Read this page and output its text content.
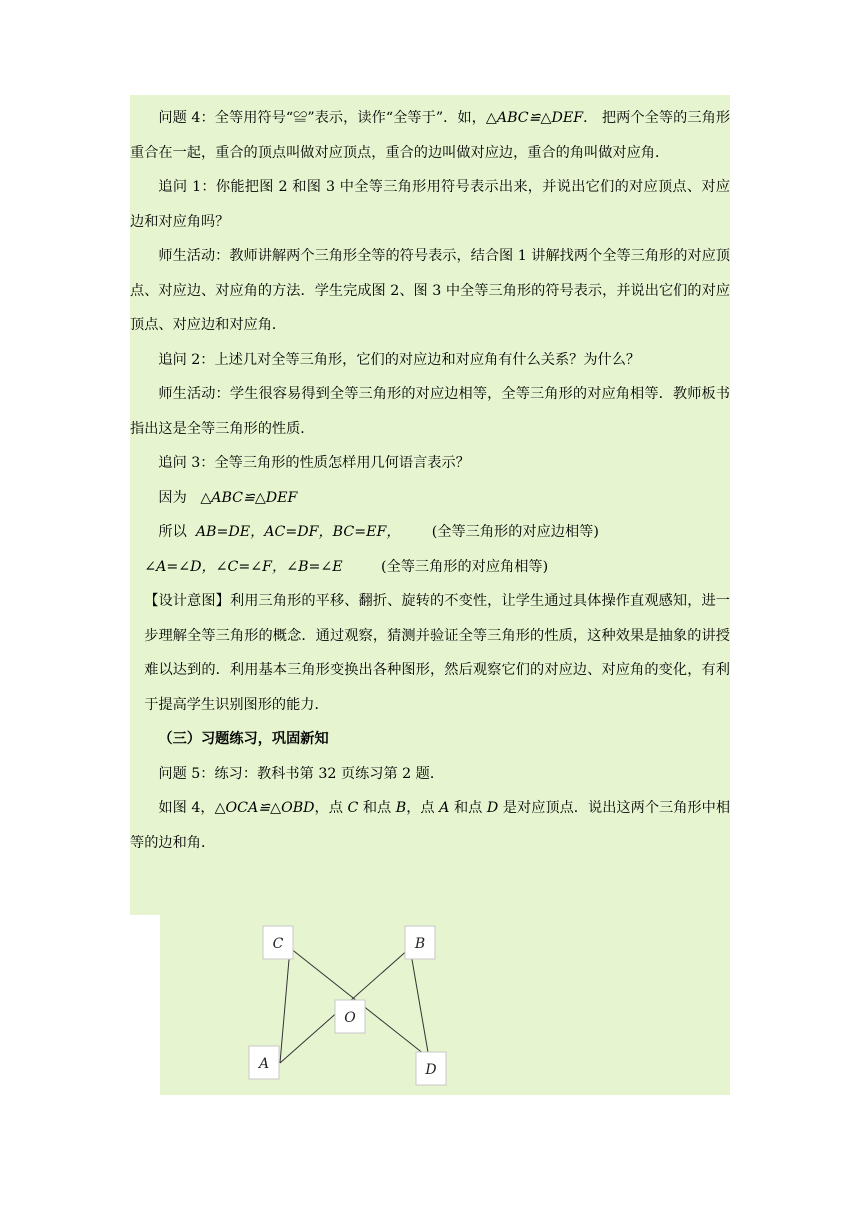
问题 4：全等用符号“≌”表示，读作“全等于”．如，△ABC≌△DEF． 把两个全等的三角形重合在一起，重合的顶点叫做对应顶点，重合的边叫做对应边，重合的角叫做对应角．

追问 1：你能把图 2 和图 3 中全等三角形用符号表示出来，并说出它们的对应顶点、对应边和对应角吗？

师生活动：教师讲解两个三角形全等的符号表示，结合图 1 讲解找两个全等三角形的对应顶点、对应边、对应角的方法．学生完成图 2、图 3 中全等三角形的符号表示，并说出它们的对应顶点、对应边和对应角．

追问 2：上述几对全等三角形，它们的对应边和对应角有什么关系？为什么？

师生活动：学生很容易得到全等三角形的对应边相等，全等三角形的对应角相等．教师板书指出这是全等三角形的性质．

追问 3：全等三角形的性质怎样用几何语言表示？

因为 △ABC≌△DEF

所以 AB=DE，AC=DF，BC=EF， (全等三角形的对应边相等)

∠A=∠D，∠C=∠F，∠B=∠E	(全等三角形的对应角相等)

【设计意图】利用三角形的平移、翻折、旋转的不变性，让学生通过具体操作直观感知，进一步理解全等三角形的概念．通过观察，猜测并验证全等三角形的性质，这种效果是抽象的讲授难以达到的．利用基本三角形变换出各种图形，然后观察它们的对应边、对应角的变化，有利于提高学生识别图形的能力．

（三）习题练习，巩固新知

问题 5：练习：教科书第 32 页练习第 2 题．

如图 4，△OCA≌△OBD，点 C 和点 B，点 A 和点 D 是对应顶点．说出这两个三角形中相等的边和角．

C	B
O
A	D
